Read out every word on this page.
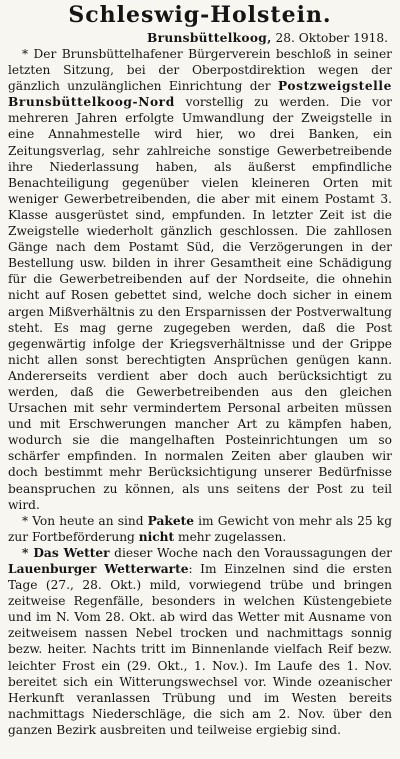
Schleswig-Holstein.
Brunsbüttelkoog, 28. Oktober 1918.

* Der Brunsbüttelhafener Bürgerverein beschloß in seiner letzten Sitzung, bei der Oberpostdirektion wegen der gänzlich unzulänglichen Einrichtung der Postzweigstelle Brunsbüttelkoog-Nord vorstellig zu werden. Die vor mehreren Jahren erfolgte Umwandlung der Zweigstelle in eine Annahmestelle wird hier, wo drei Banken, ein Zeitungsverlag, sehr zahlreiche sonstige Gewerbetreibende ihre Niederlassung haben, als äußerst empfindliche Benachteiligung gegenüber vielen kleineren Orten mit weniger Gewerbetreibenden, die aber mit einem Postamt 3. Klasse ausgerüstet sind, empfunden. In letzter Zeit ist die Zweigstelle wiederholt gänzlich geschlossen. Die zahllosen Gänge nach dem Postamt Süd, die Verzögerungen in der Bestellung usw. bilden in ihrer Gesamtheit eine Schädigung für die Gewerbetreibenden auf der Nordseite, die ohnehin nicht auf Rosen gebettet sind, welche doch sicher in einem argen Mißverhältnis zu den Ersparnissen der Postverwaltung steht. Es mag gerne zugegeben werden, daß die Post gegenwärtig infolge der Kriegsverhältnisse und der Grippe nicht allen sonst berechtigten Ansprüchen genügen kann. Andererseits verdient aber doch auch berücksichtigt zu werden, daß die Gewerbetreibenden aus den gleichen Ursachen mit sehr vermindertem Personal arbeiten müssen und mit Erschwerungen mancher Art zu kämpfen haben, wodurch sie die mangelhaften Posteinrichtungen um so schärfer empfinden. In normalen Zeiten aber glauben wir doch bestimmt mehr Berücksichtigung unserer Bedürfnisse beanspruchen zu können, als uns seitens der Post zu teil wird.

* Von heute an sind Pakete im Gewicht von mehr als 25 kg zur Fortbeförderung nicht mehr zugelassen.

* Das Wetter dieser Woche nach den Voraussagungen der Lauenburger Wetterwarte: Im Einzelnen sind die ersten Tage (27., 28. Okt.) mild, vorwiegend trübe und bringen zeitweise Regenfälle, besonders in welchen Küstengebiete und im N. Vom 28. Okt. ab wird das Wetter mit Ausname von zeitweisem nassen Nebel trocken und nachmittags sonnig bezw. heiter. Nachts tritt im Binnenlande vielfach Reif bezw. leichter Frost ein (29. Okt., 1. Nov.). Im Laufe des 1. Nov. bereitet sich ein Witterungswechsel vor. Winde ozeanischer Herkunft veranlassen Trübung und im Westen bereits nachmittags Niederschläge, die sich am 2. Nov. über den ganzen Bezirk ausbreiten und teilweise ergiebig sind.
